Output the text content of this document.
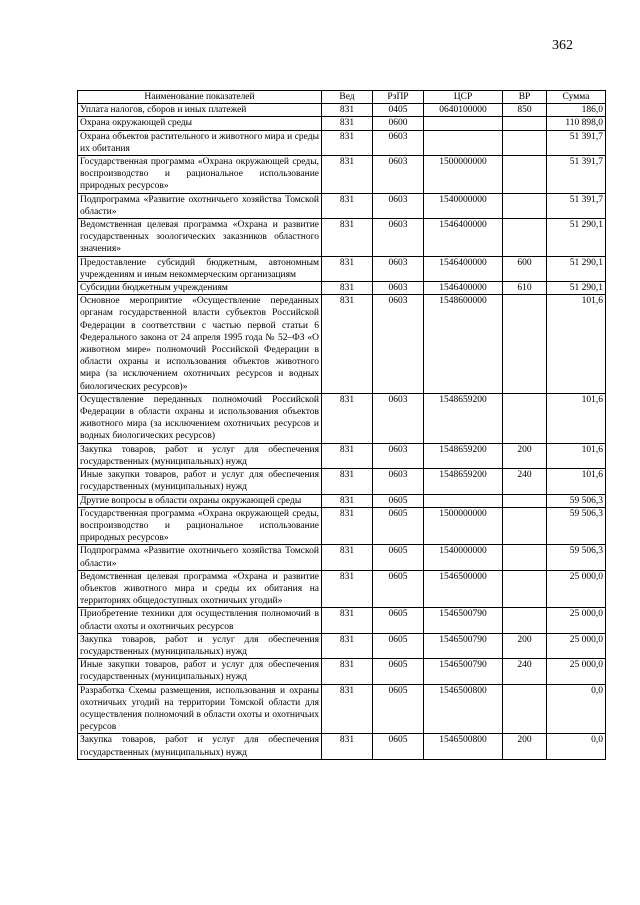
362
Наименование показателей	Вед	РзПР	ЦСР	ВР	Сумма
Уплата налогов, сборов и иных платежей	831	0405	0640100000	850	186,0
Охрана окружающей среды	831	0600			110 898,0
Охрана объектов растительного и животного мира и среды их обитания	831	0603			51 391,7
Государственная программа «Охрана окружающей среды, воспроизводство и рациональное использование природных ресурсов»	831	0603	1500000000		51 391,7
Подпрограмма «Развитие охотничьего хозяйства Томской области»	831	0603	1540000000		51 391,7
Ведомственная целевая программа «Охрана и развитие государственных зоологических заказников областного значения»	831	0603	1546400000		51 290,1
Предоставление субсидий бюджетным, автономным учреждениям и иным некоммерческим организациям	831	0603	1546400000	600	51 290,1
Субсидии бюджетным учреждениям	831	0603	1546400000	610	51 290,1
Основное мероприятие «Осуществление переданных органам государственной власти субъектов Российской Федерации в соответствии с частью первой статьи 6 Федерального закона от 24 апреля 1995 года № 52–ФЗ «О животном мире» полномочий Российской Федерации в области охраны и использования объектов животного мира (за исключением охотничьих ресурсов и водных биологических ресурсов)»	831	0603	1548600000		101,6
Осуществление переданных полномочий Российской Федерации в области охраны и использования объектов животного мира (за исключением охотничьих ресурсов и водных биологических ресурсов)	831	0603	1548659200		101,6
Закупка товаров, работ и услуг для обеспечения государственных (муниципальных) нужд	831	0603	1548659200	200	101,6
Иные закупки товаров, работ и услуг для обеспечения государственных (муниципальных) нужд	831	0603	1548659200	240	101,6
Другие вопросы в области охраны окружающей среды	831	0605			59 506,3
Государственная программа «Охрана окружающей среды, воспроизводство и рациональное использование природных ресурсов»	831	0605	1500000000		59 506,3
Подпрограмма «Развитие охотничьего хозяйства Томской области»	831	0605	1540000000		59 506,3
Ведомственная целевая программа «Охрана и развитие объектов животного мира и среды их обитания на территориях общедоступных охотничьих угодий»	831	0605	1546500000		25 000,0
Приобретение техники для осуществления полномочий в области охоты и охотничьих ресурсов	831	0605	1546500790		25 000,0
Закупка товаров, работ и услуг для обеспечения государственных (муниципальных) нужд	831	0605	1546500790	200	25 000,0
Иные закупки товаров, работ и услуг для обеспечения государственных (муниципальных) нужд	831	0605	1546500790	240	25 000,0
Разработка Схемы размещения, использования и охраны охотничьих угодий на территории Томской области для осуществления полномочий в области охоты и охотничьих ресурсов	831	0605	1546500800		0,0
Закупка товаров, работ и услуг для обеспечения государственных (муниципальных) нужд	831	0605	1546500800	200	0,0
